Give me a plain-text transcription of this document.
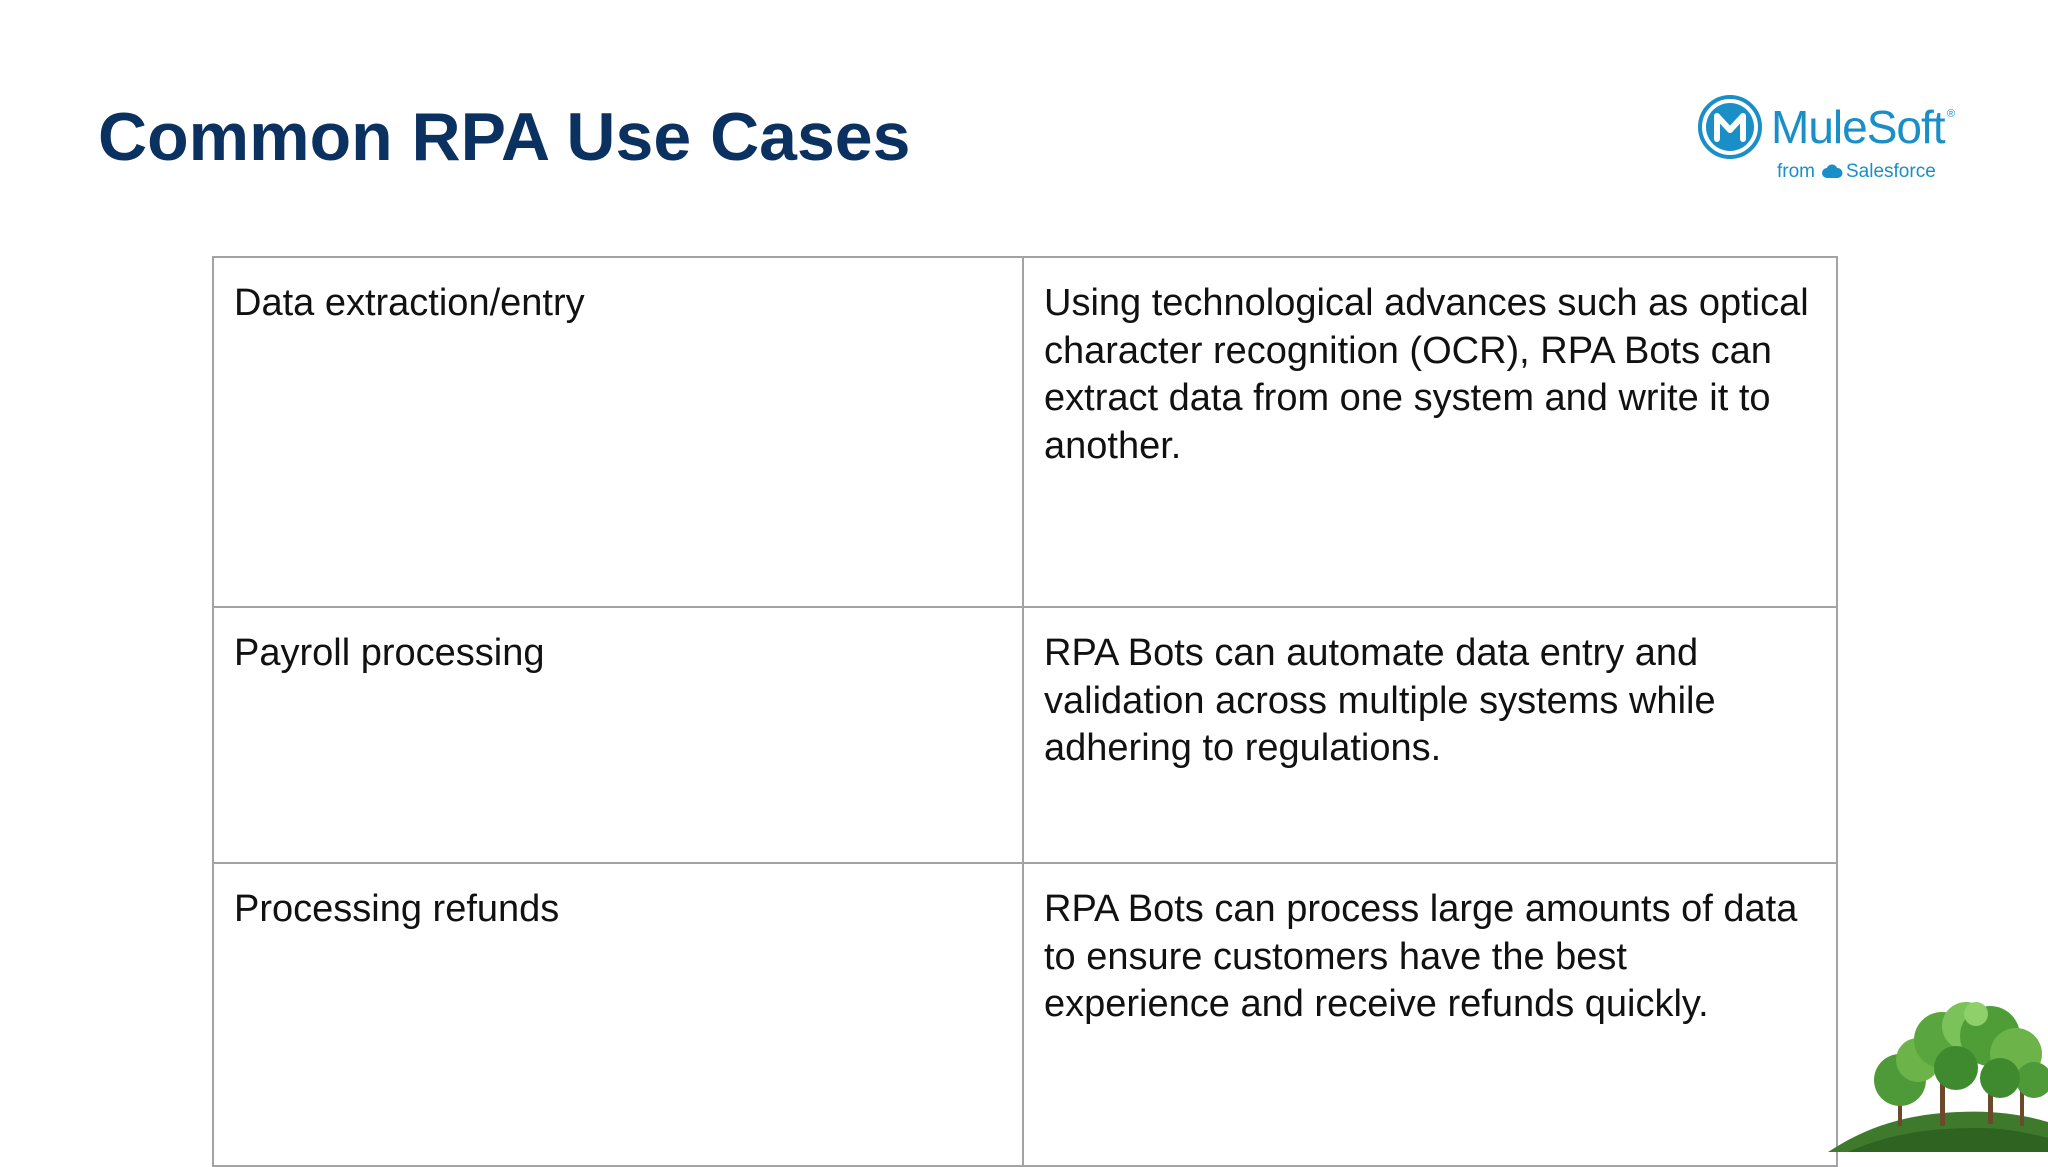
Common RPA Use Cases	MuleSoft ®
from Salesforce
Data extraction/entry	Using technological advances such as optical character recognition (OCR), RPA Bots can extract data from one system and write it to another.
Payroll processing	RPA Bots can automate data entry and validation across multiple systems while adhering to regulations.
Processing refunds	RPA Bots can process large amounts of data to ensure customers have the best experience and receive refunds quickly.
